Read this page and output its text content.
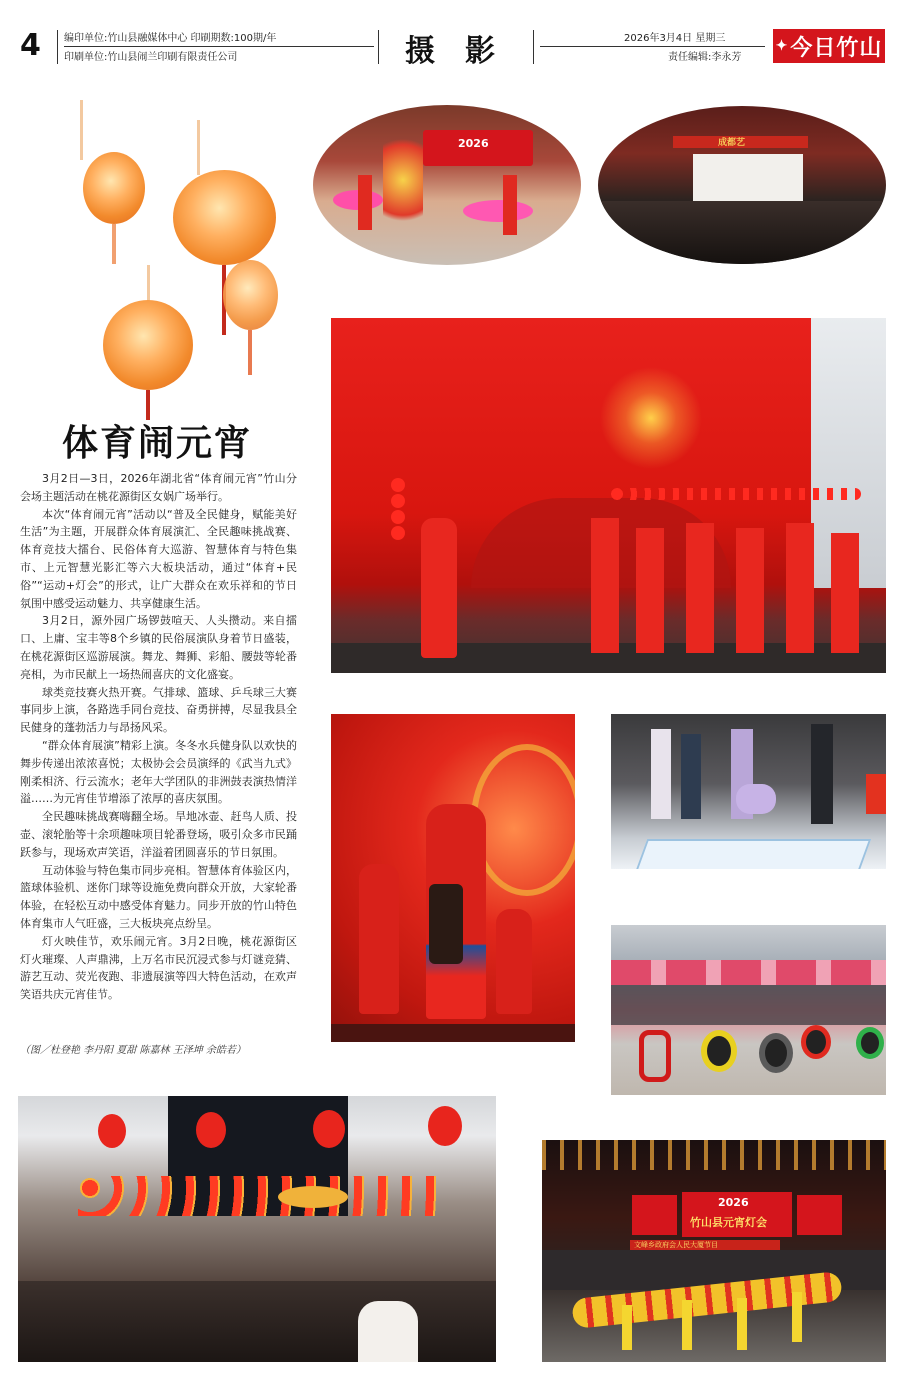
4 编印单位:竹山县融媒体中心 印刷期数:100期/年
印刷单位:竹山县闹兰印刷有限责任公司	摄影	2026年3月4日 星期三
责任编辑:李永芳
✦ 今日竹山
体育闹元宵

3月2日—3日，2026年湖北省“体育闹元宵”竹山分会场主题活动在桃花源街区女娲广场举行。

本次“体育闹元宵”活动以“普及全民健身，赋能美好生活”为主题，开展群众体育展演汇、全民趣味挑战赛、体育竞技大擂台、民俗体育大巡游、智慧体育与特色集市、上元智慧光影汇等六大板块活动，通过“体育+民俗”“运动+灯会”的形式，让广大群众在欢乐祥和的节日氛围中感受运动魅力、共享健康生活。

3月2日，源外园广场锣鼓喧天、人头攒动。来自擂口、上庸、宝丰等8个乡镇的民俗展演队身着节日盛装，在桃花源街区巡游展演。舞龙、舞狮、彩船、腰鼓等轮番亮相，为市民献上一场热闹喜庆的文化盛宴。

球类竞技赛火热开赛。气排球、篮球、乒乓球三大赛事同步上演，各路选手同台竞技、奋勇拼搏，尽显我县全民健身的蓬勃活力与昂扬风采。

“群众体育展演”精彩上演。冬冬水兵健身队以欢快的舞步传递出浓浓喜悦；太极协会会员演绎的《武当九式》刚柔相济、行云流水；老年大学团队的非洲鼓表演热情洋溢……为元宵佳节增添了浓厚的喜庆氛围。

全民趣味挑战赛嗨翻全场。旱地冰壶、赶鸟人质、投壶、滚轮胎等十余项趣味项目轮番登场，吸引众多市民踊跃参与，现场欢声笑语，洋溢着团圆喜乐的节日氛围。

互动体验与特色集市同步亮相。智慧体育体验区内，篮球体验机、迷你门球等设施免费向群众开放，大家轮番体验，在轻松互动中感受体育魅力。同步开放的竹山特色体育集市人气旺盛，三大板块亮点纷呈。

灯火映佳节，欢乐闹元宵。3月2日晚，桃花源街区灯火璀璨、人声鼎沸，上万名市民沉浸式参与灯谜竞猜、游艺互动、荧光夜跑、非遗展演等四大特色活动，在欢声笑语共庆元宵佳节。

（图／杜登艳 李丹阳 夏甜 陈嘉林 王泽坤 余皓若）
2026	成都艺
2026
竹山县元宵灯会
文峰乡政府会人民大厦节目
